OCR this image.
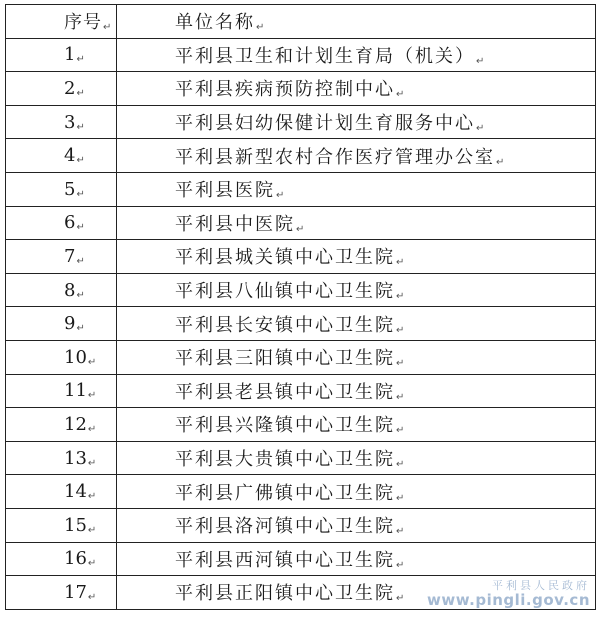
序号↵	单位名称↵
1↵	平利县卫生和计划生育局（机关）↵
2↵	平利县疾病预防控制中心↵
3↵	平利县妇幼保健计划生育服务中心↵
4↵	平利县新型农村合作医疗管理办公室↵
5↵	平利县医院↵
6↵	平利县中医院↵
7↵	平利县城关镇中心卫生院↵
8↵	平利县八仙镇中心卫生院↵
9↵	平利县长安镇中心卫生院↵
10↵	平利县三阳镇中心卫生院↵
11↵	平利县老县镇中心卫生院↵
12↵	平利县兴隆镇中心卫生院↵
13↵	平利县大贵镇中心卫生院↵
14↵	平利县广佛镇中心卫生院↵
15↵	平利县洛河镇中心卫生院↵
16↵	平利县西河镇中心卫生院↵
17↵	平利县正阳镇中心卫生院↵
平利县人民政府
www.pingli.gov.cn
